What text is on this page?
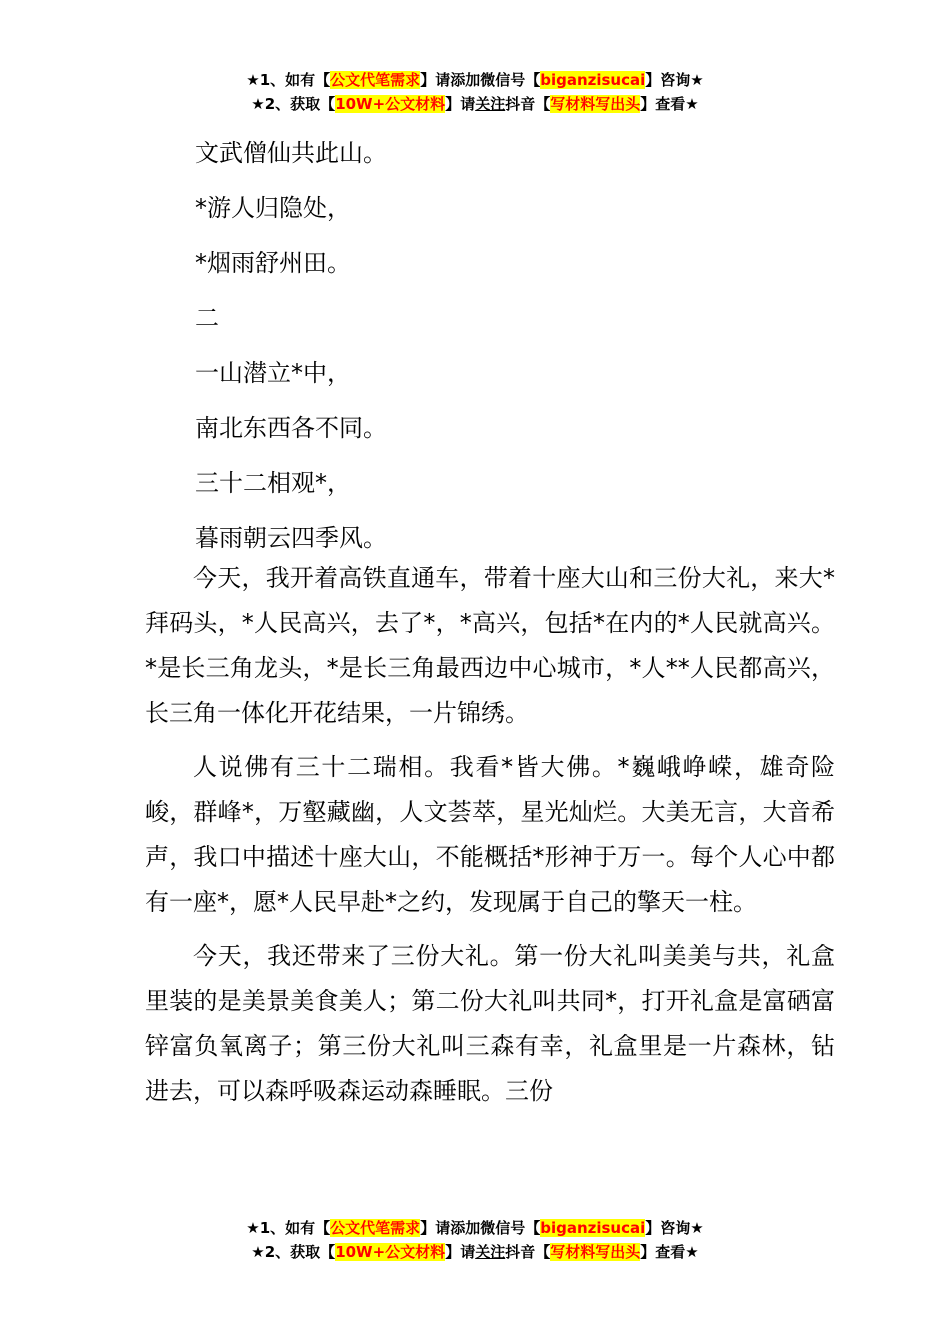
★1、如有【公文代笔需求】请添加微信号【biganzisucai】咨询★
★2、获取【10W+公文材料】请关注抖音【写材料写出头】查看★
文武僧仙共此山。
*游人归隐处，
*烟雨舒州田。
二
一山潜立*中，
南北东西各不同。
三十二相观*，
暮雨朝云四季风。

今天，我开着高铁直通车，带着十座大山和三份大礼，来大*拜码头，*人民高兴，去了*，*高兴，包括*在内的*人民就高兴。*是长三角龙头，*是长三角最西边中心城市，*人**人民都高兴，长三角一体化开花结果，一片锦绣。

人说佛有三十二瑞相。我看*皆大佛。*巍峨峥嵘，雄奇险峻，群峰*，万壑藏幽，人文荟萃，星光灿烂。大美无言，大音希声，我口中描述十座大山，不能概括*形神于万一。每个人心中都有一座*，愿*人民早赴*之约，发现属于自己的擎天一柱。

今天，我还带来了三份大礼。第一份大礼叫美美与共，礼盒里装的是美景美食美人；第二份大礼叫共同*，打开礼盒是富硒富锌富负氧离子；第三份大礼叫三森有幸，礼盒里是一片森林，钻进去，可以森呼吸森运动森睡眠。三份

★1、如有【公文代笔需求】请添加微信号【biganzisucai】咨询★
★2、获取【10W+公文材料】请关注抖音【写材料写出头】查看★
